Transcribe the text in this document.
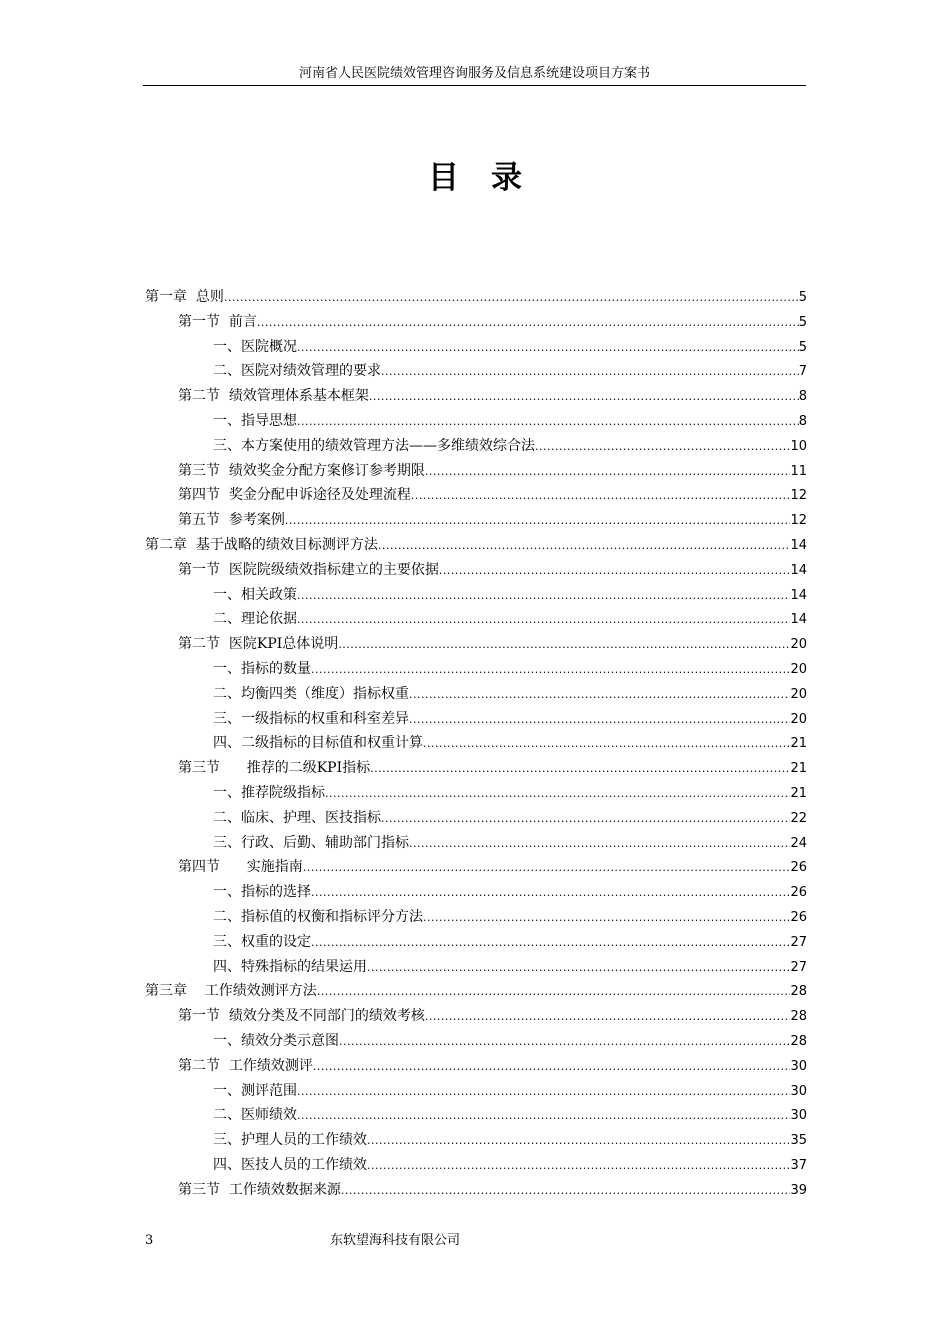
河南省人民医院绩效管理咨询服务及信息系统建设项目方案书
目录
第一章  总则 .....	5
第一节  前言 .....	5
一、医院概况 .....	5
二、医院对绩效管理的要求 .....	7
第二节  绩效管理体系基本框架 .....	8
一、指导思想 .....	8
三、本方案使用的绩效管理方法——多维绩效综合法 .....	10
第三节  绩效奖金分配方案修订参考期限 .....	11
第四节  奖金分配申诉途径及处理流程 .....	12
第五节  参考案例 .....	12
第二章  基于战略的绩效目标测评方法 .....	14
第一节  医院院级绩效指标建立的主要依据 .....	14
一、相关政策 .....	14
二、理论依据 .....	14
第二节  医院KPI总体说明 .....	20
一、指标的数量 .....	20
二、均衡四类（维度）指标权重 .....	20
三、一级指标的权重和科室差异 .....	20
四、二级指标的目标值和权重计算 .....	21
第三节      推荐的二级KPI指标 .....	21
一、推荐院级指标 .....	21
二、临床、护理、医技指标 .....	22
三、行政、后勤、辅助部门指标 .....	24
第四节      实施指南 .....	26
一、指标的选择 .....	26
二、指标值的权衡和指标评分方法 .....	26
三、权重的设定 .....	27
四、特殊指标的结果运用 .....	27
第三章    工作绩效测评方法 .....	28
第一节  绩效分类及不同部门的绩效考核 .....	28
一、绩效分类示意图 .....	28
第二节  工作绩效测评 .....	30
一、测评范围 .....	30
二、医师绩效 .....	30
三、护理人员的工作绩效 .....	35
四、医技人员的工作绩效 .....	37
第三节  工作绩效数据来源 .....	39
3	东软望海科技有限公司
